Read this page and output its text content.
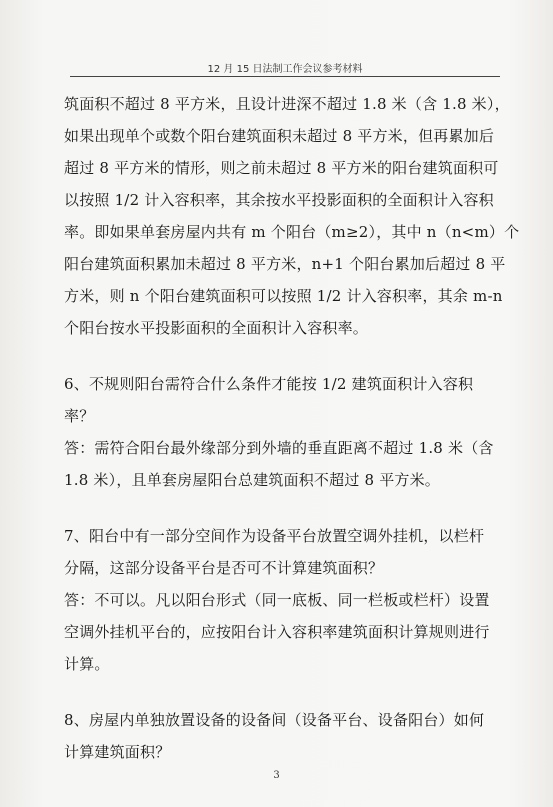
12 月 15 日法制工作会议参考材料
筑面积不超过 8 平方米，且设计进深不超过 1.8 米（含 1.8 米），
如果出现单个或数个阳台建筑面积未超过 8 平方米，但再累加后
超过 8 平方米的情形，则之前未超过 8 平方米的阳台建筑面积可
以按照 1/2 计入容积率，其余按水平投影面积的全面积计入容积
率。即如果单套房屋内共有 m 个阳台（m≥2），其中 n（n<m）个
阳台建筑面积累加未超过 8 平方米，n+1 个阳台累加后超过 8 平
方米，则 n 个阳台建筑面积可以按照 1/2 计入容积率，其余 m-n
个阳台按水平投影面积的全面积计入容积率。
6、不规则阳台需符合什么条件才能按 1/2 建筑面积计入容积
率？
答：需符合阳台最外缘部分到外墙的垂直距离不超过 1.8 米（含
1.8 米），且单套房屋阳台总建筑面积不超过 8 平方米。
7、阳台中有一部分空间作为设备平台放置空调外挂机，以栏杆
分隔，这部分设备平台是否可不计算建筑面积？
答：不可以。凡以阳台形式（同一底板、同一栏板或栏杆）设置
空调外挂机平台的，应按阳台计入容积率建筑面积计算规则进行
计算。
8、房屋内单独放置设备的设备间（设备平台、设备阳台）如何
计算建筑面积？
3
